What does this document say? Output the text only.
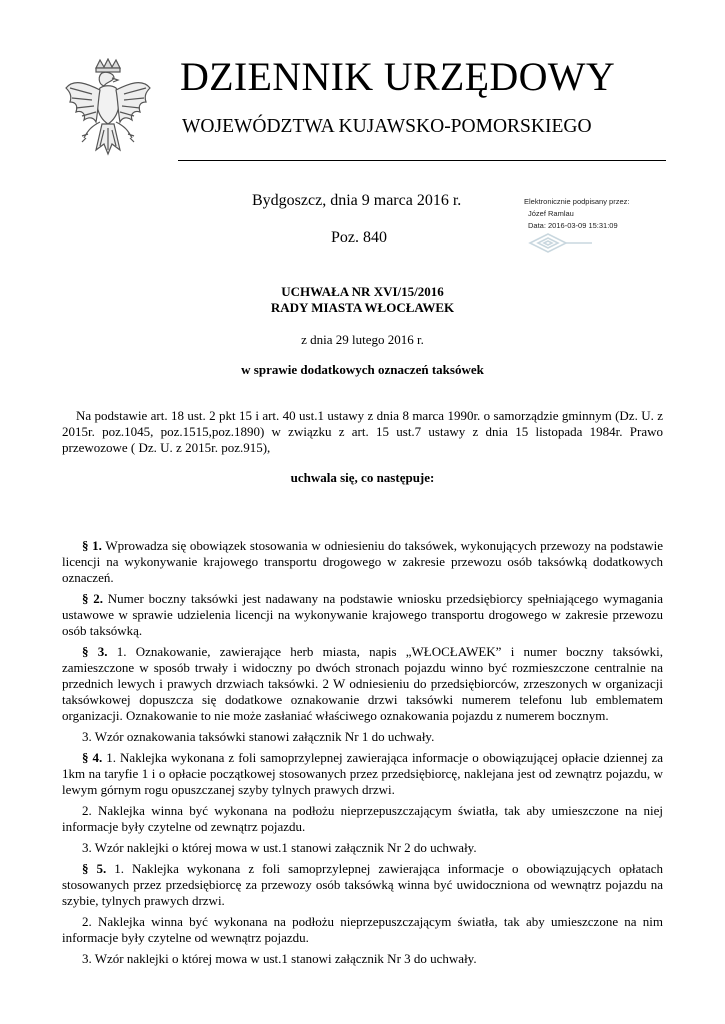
DZIENNIK URZĘDOWY
WOJEWÓDZTWA KUJAWSKO-POMORSKIEGO
Bydgoszcz, dnia 9 marca 2016 r.
Poz. 840
Elektronicznie podpisany przez:
Józef Ramlau
Data: 2016-03-09 15:31:09
UCHWAŁA NR XVI/15/2016
RADY MIASTA WŁOCŁAWEK
z dnia 29 lutego 2016 r.
w sprawie dodatkowych oznaczeń taksówek

Na podstawie art. 18 ust. 2 pkt 15 i art. 40 ust.1 ustawy z dnia 8 marca 1990r. o samorządzie gminnym (Dz. U. z 2015r. poz.1045, poz.1515,poz.1890) w związku z art. 15 ust.7 ustawy z dnia 15 listopada 1984r. Prawo przewozowe ( Dz. U. z 2015r. poz.915),

§ 1. Wprowadza się obowiązek stosowania w odniesieniu do taksówek, wykonujących przewozy na podstawie licencji na wykonywanie krajowego transportu drogowego w zakresie przewozu osób taksówką dodatkowych oznaczeń.

§ 2. Numer boczny taksówki jest nadawany na podstawie wniosku przedsiębiorcy spełniającego wymagania ustawowe w sprawie udzielenia licencji na wykonywanie krajowego transportu drogowego w zakresie przewozu osób taksówką.

§ 3. 1. Oznakowanie, zawierające herb miasta, napis „WŁOCŁAWEK” i numer boczny taksówki, zamieszczone w sposób trwały i widoczny po dwóch stronach pojazdu winno być rozmieszczone centralnie na przednich lewych i prawych drzwiach taksówki. 2 W odniesieniu do przedsiębiorców, zrzeszonych w organizacji taksówkowej dopuszcza się dodatkowe oznakowanie drzwi taksówki numerem telefonu lub emblematem organizacji. Oznakowanie to nie może zasłaniać właściwego oznakowania pojazdu z numerem bocznym.

3. Wzór oznakowania taksówki stanowi załącznik Nr 1 do uchwały.

§ 4. 1. Naklejka wykonana z foli samoprzylepnej zawierająca informacje o obowiązującej opłacie dziennej za 1km na taryfie 1 i o opłacie początkowej stosowanych przez przedsiębiorcę, naklejana jest od zewnątrz pojazdu, w lewym górnym rogu opuszczanej szyby tylnych prawych drzwi.

2. Naklejka winna być wykonana na podłożu nieprzepuszczającym światła, tak aby umieszczone na niej informacje były czytelne od zewnątrz pojazdu.

3. Wzór naklejki o której mowa w ust.1 stanowi załącznik Nr 2 do uchwały.

§ 5. 1. Naklejka wykonana z foli samoprzylepnej zawierająca informacje o obowiązujących opłatach stosowanych przez przedsiębiorcę za przewozy osób taksówką winna być uwidoczniona od wewnątrz pojazdu na szybie, tylnych prawych drzwi.

2. Naklejka winna być wykonana na podłożu nieprzepuszczającym światła, tak aby umieszczone na nim informacje były czytelne od wewnątrz pojazdu.

3. Wzór naklejki o której mowa w ust.1 stanowi załącznik Nr 3 do uchwały.

uchwala się, co następuje:
